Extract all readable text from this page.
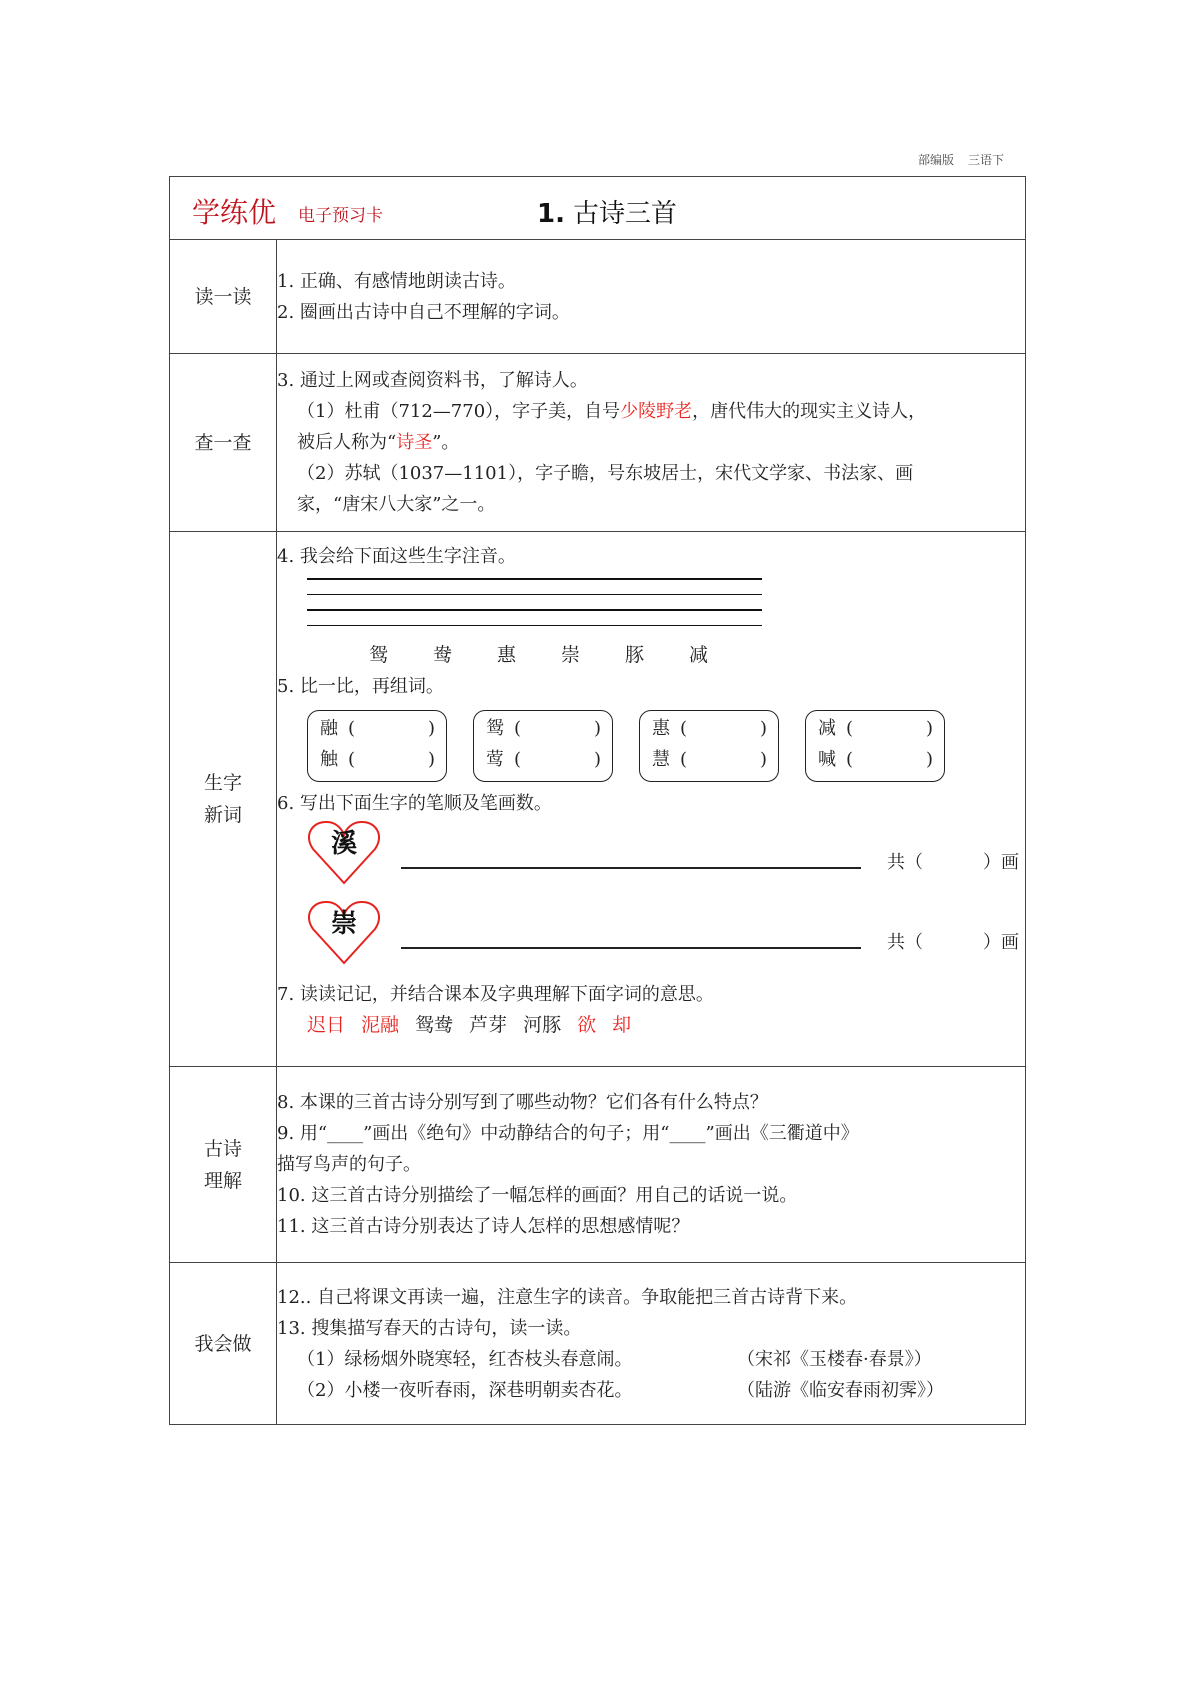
部编版 三语下
学练优 电子预习卡 1. 古诗三首	

读一读	1. 正确、有感情地朗读古诗。
2. 圈画出古诗中自己不理解的字词。

查一查	3. 通过上网或查阅资料书，了解诗人。
（1）杜甫（712—770），字子美，自号少陵野老，唐代伟大的现实主义诗人，
被后人称为“诗圣”。
（2）苏轼（1037—1101），字子瞻，号东坡居士，宋代文学家、书法家、画
家，“唐宋八大家”之一。

生字
新词

4. 我会给下面这些生字注音。
鸳 鸯 惠 崇 豚 减
5. 比一比，再组词。
融 (	)
触 (	)
鸳 (	)
莺 (	)
惠 (	)
慧 (	)
减 (	)
喊 (	)
6. 写出下面生字的笔顺及笔画数。
溪
共（	）画
崇
共（	）画
7. 读读记记，并结合课本及字典理解下面字词的意思。
迟日 泥融 鸳鸯 芦芽 河豚 欲 却

古诗
理解

8. 本课的三首古诗分别写到了哪些动物？它们各有什么特点？
9. 用“____”画出《绝句》中动静结合的句子；用“____”画出《三衢道中》
描写鸟声的句子。
10. 这三首古诗分别描绘了一幅怎样的画面？用自己的话说一说。
11. 这三首古诗分别表达了诗人怎样的思想感情呢？

我会做	
12.. 自己将课文再读一遍，注意生字的读音。争取能把三首古诗背下来。
13. 搜集描写春天的古诗句，读一读。
（1）绿杨烟外晓寒轻，红杏枝头春意闹。	（宋祁《玉楼春·春景》）
（2）小楼一夜听春雨，深巷明朝卖杏花。	（陆游《临安春雨初霁》）
